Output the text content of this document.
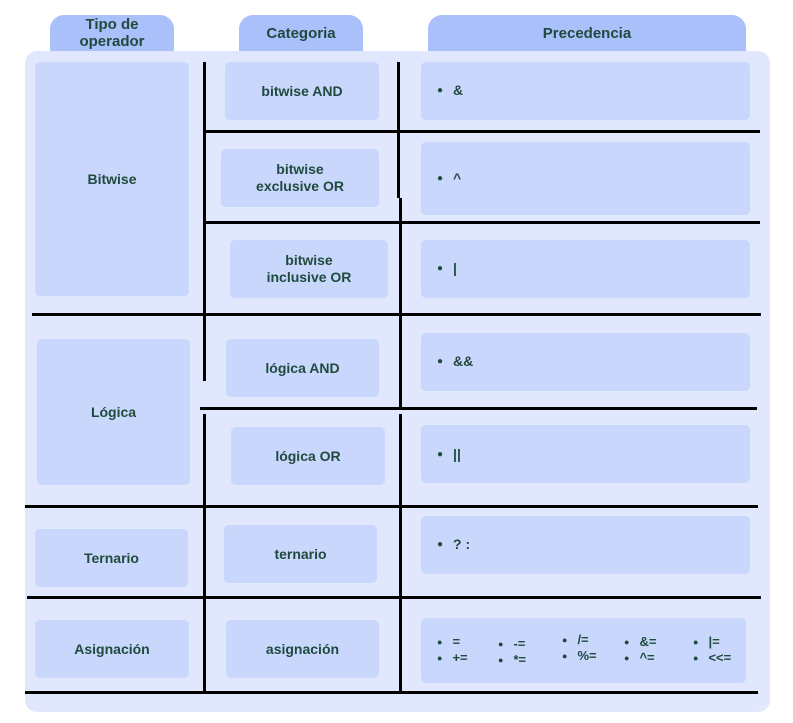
Tipo de
operador	Categoria	Precedencia
Bitwise
Lógica
Ternario
Asignación
bitwise AND
bitwise
exclusive OR
bitwise
inclusive OR
lógica AND
lógica OR
ternario
asignación
● &
● ^
● |
● &&
● ||
● ? :
● =
● +=
● -=
● *=
● /=
● %=
● &=
● ^=
● |=
● <<=
